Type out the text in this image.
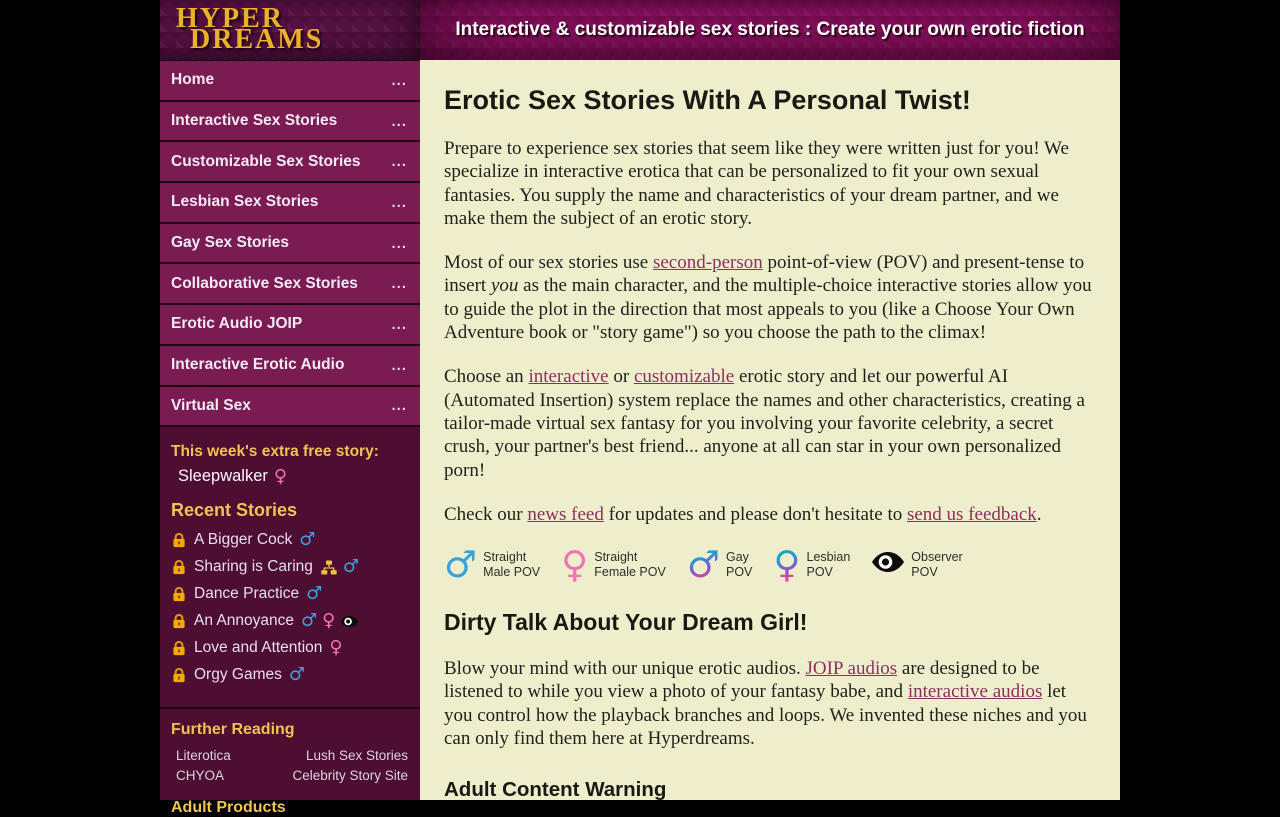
HYPER
DREAMS	Interactive & customizable sex stories : Create your own erotic fiction
Home	...
Interactive Sex Stories	...
Customizable Sex Stories ...
Lesbian Sex Stories	...
Gay Sex Stories	...
Collaborative Sex Stories ...
Erotic Audio JOIP	...
Interactive Erotic Audio	...
Virtual Sex	...
This week's extra free story:
Sleepwalker ♀
Recent Stories
A Bigger Cock ♂
Sharing is Caring ♂
Dance Practice ♂
An Annoyance ♂ ♀
Love and Attention ♀
Orgy Games ♂
Further Reading
Literotica	Lush Sex Stories
CHYOA	Celebrity Story Site
Adult Products
Erotic Sex Stories With A Personal Twist!

Prepare to experience sex stories that seem like they were written just for you! We specialize in interactive erotica that can be personalized to fit your own sexual fantasies. You supply the name and characteristics of your dream partner, and we make them the subject of an erotic story.

Most of our sex stories use second-person point-of-view (POV) and present-tense to insert you as the main character, and the multiple-choice interactive stories allow you to guide the plot in the direction that most appeals to you (like a Choose Your Own Adventure book or "story game") so you choose the path to the climax!

Choose an interactive or customizable erotic story and let our powerful AI (Automated Insertion) system replace the names and other characteristics, creating a tailor-made virtual sex fantasy for you involving your favorite celebrity, a secret crush, your partner's best friend... anyone at all can star in your own personalized porn!

Check our news feed for updates and please don't hesitate to send us feedback.

♂ Straight
Male POV ♀ Straight
Female POV ♂ Gay
POV ♀ Lesbian
POV
Observer
POV
Dirty Talk About Your Dream Girl!

Blow your mind with our unique erotic audios. JOIP audios are designed to be listened to while you view a photo of your fantasy babe, and interactive audios let you control how the playback branches and loops. We invented these niches and you can only find them here at Hyperdreams.

Adult Content Warning
